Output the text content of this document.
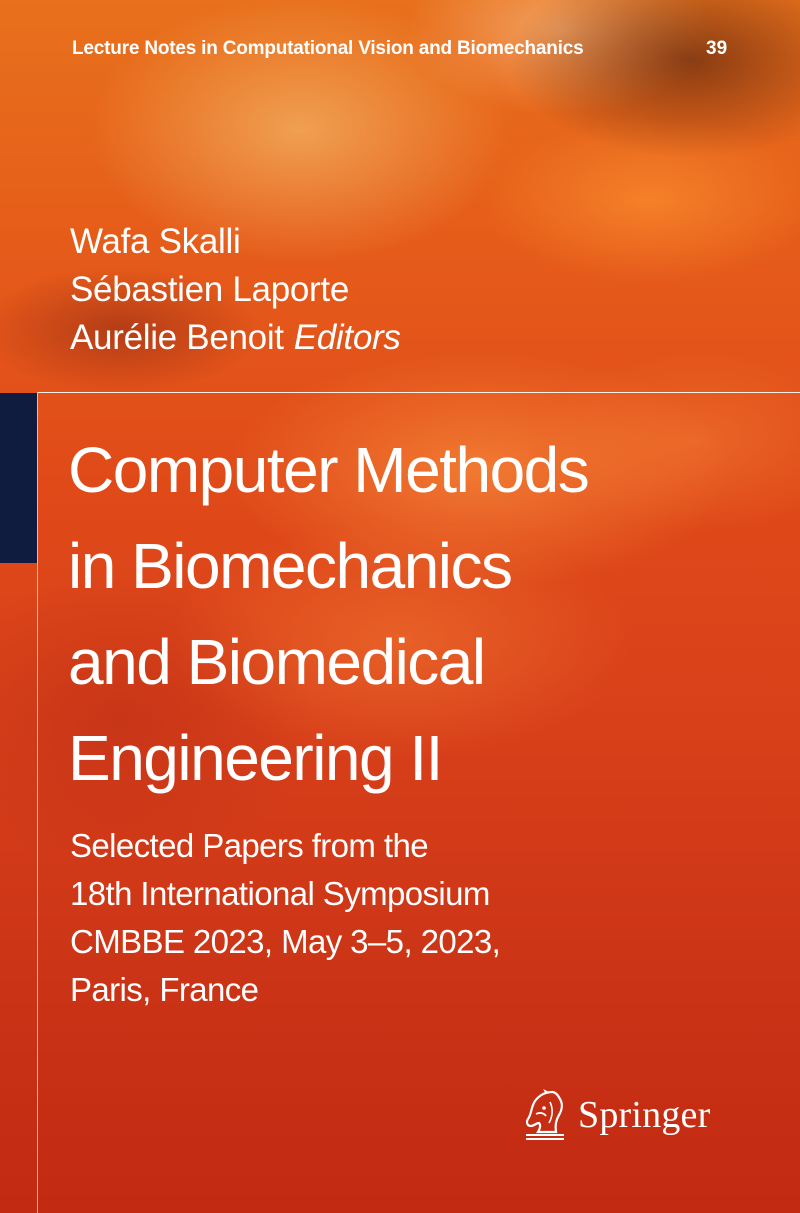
Lecture Notes in Computational Vision and Biomechanics	39
Wafa Skalli
Sébastien Laporte
Aurélie Benoit Editors
Computer Methods
in Biomechanics
and Biomedical
Engineering II
Selected Papers from the
18th International Symposium
CMBBE 2023, May 3–5, 2023,
Paris, France
Springer
